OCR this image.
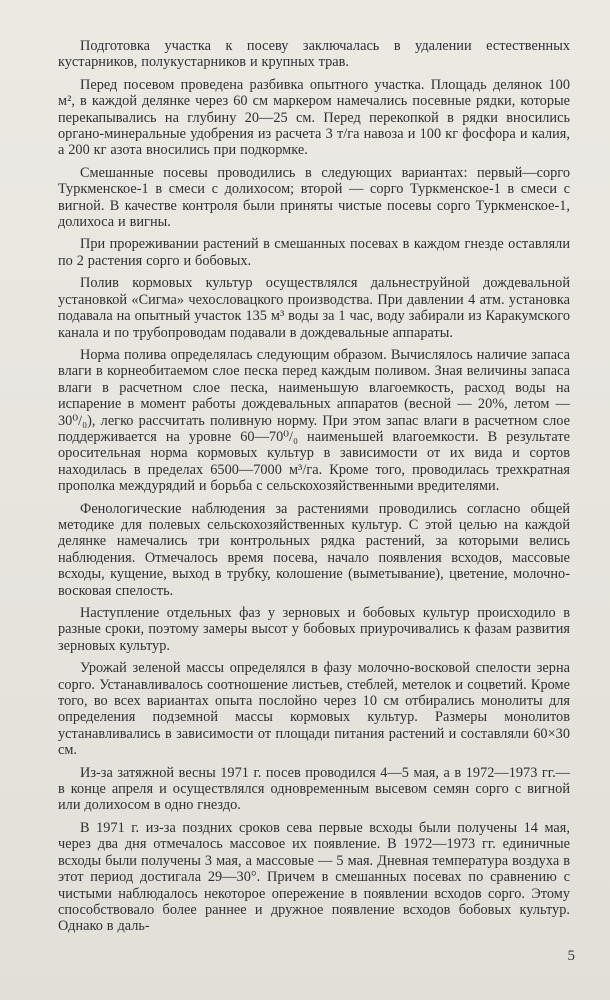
Подготовка участка к посеву заключалась в удалении естественных кустарников, полукустарников и крупных трав.

Перед посевом проведена разбивка опытного участка. Площадь делянок 100 м², в каждой делянке через 60 см маркером намечались посевные рядки, которые перекапывались на глубину 20—25 см. Перед перекопкой в рядки вносились органо-минеральные удобрения из расчета 3 т/га навоза и 100 кг фосфора и калия, а 200 кг азота вносились при подкормке.

Смешанные посевы проводились в следующих вариантах: первый—сорго Туркменское-1 в смеси с долихосом; второй — сорго Туркменское-1 в смеси с вигной. В качестве контроля были приняты чистые посевы сорго Туркменское-1, долихоса и вигны.

При прореживании растений в смешанных посевах в каждом гнезде оставляли по 2 растения сорго и бобовых.

Полив кормовых культур осуществлялся дальнеструйной дождевальной установкой «Сигма» чехословацкого производства. При давлении 4 атм. установка подавала на опытный участок 135 м³ воды за 1 час, воду забирали из Каракумского канала и по трубопроводам подавали в дождевальные аппараты.

Норма полива определялась следующим образом. Вычислялось наличие запаса влаги в корнеобитаемом слое песка перед каждым поливом. Зная величины запаса влаги в расчетном слое песка, наименьшую влагоемкость, расход воды на испарение в момент работы дождевальных аппаратов (весной — 20%, летом — 30⁰/₀), легко рассчитать поливную норму. При этом запас влаги в расчетном слое поддерживается на уровне 60—70⁰/₀ наименьшей влагоемкости. В результате оросительная норма кормовых культур в зависимости от их вида и сортов находилась в пределах 6500—7000 м³/га. Кроме того, проводилась трехкратная прополка междурядий и борьба с сельскохозяйственными вредителями.

Фенологические наблюдения за растениями проводились согласно общей методике для полевых сельскохозяйственных культур. С этой целью на каждой делянке намечались три контрольных рядка растений, за которыми велись наблюдения. Отмечалось время посева, начало появления всходов, массовые всходы, кущение, выход в трубку, колошение (выметывание), цветение, молочно-восковая спелость.

Наступление отдельных фаз у зерновых и бобовых культур происходило в разные сроки, поэтому замеры высот у бобовых приурочивались к фазам развития зерновых культур.

Урожай зеленой массы определялся в фазу молочно-восковой спелости зерна сорго. Устанавливалось соотношение листьев, стеблей, метелок и соцветий. Кроме того, во всех вариантах опыта послойно через 10 см отбирались монолиты для определения подземной массы кормовых культур. Размеры монолитов устанавливались в зависимости от площади питания растений и составляли 60×30 см.

Из-за затяжной весны 1971 г. посев проводился 4—5 мая, а в 1972—1973 гг.— в конце апреля и осуществлялся одновременным высевом семян сорго с вигной или долихосом в одно гнездо.

В 1971 г. из-за поздних сроков сева первые всходы были получены 14 мая, через два дня отмечалось массовое их появление. В 1972—1973 гг. единичные всходы были получены 3 мая, а массовые — 5 мая. Дневная температура воздуха в этот период достигала 29—30°. Причем в смешанных посевах по сравнению с чистыми наблюдалось некоторое опережение в появлении всходов сорго. Этому способствовало более раннее и дружное появление всходов бобовых культур. Однако в даль-

5
